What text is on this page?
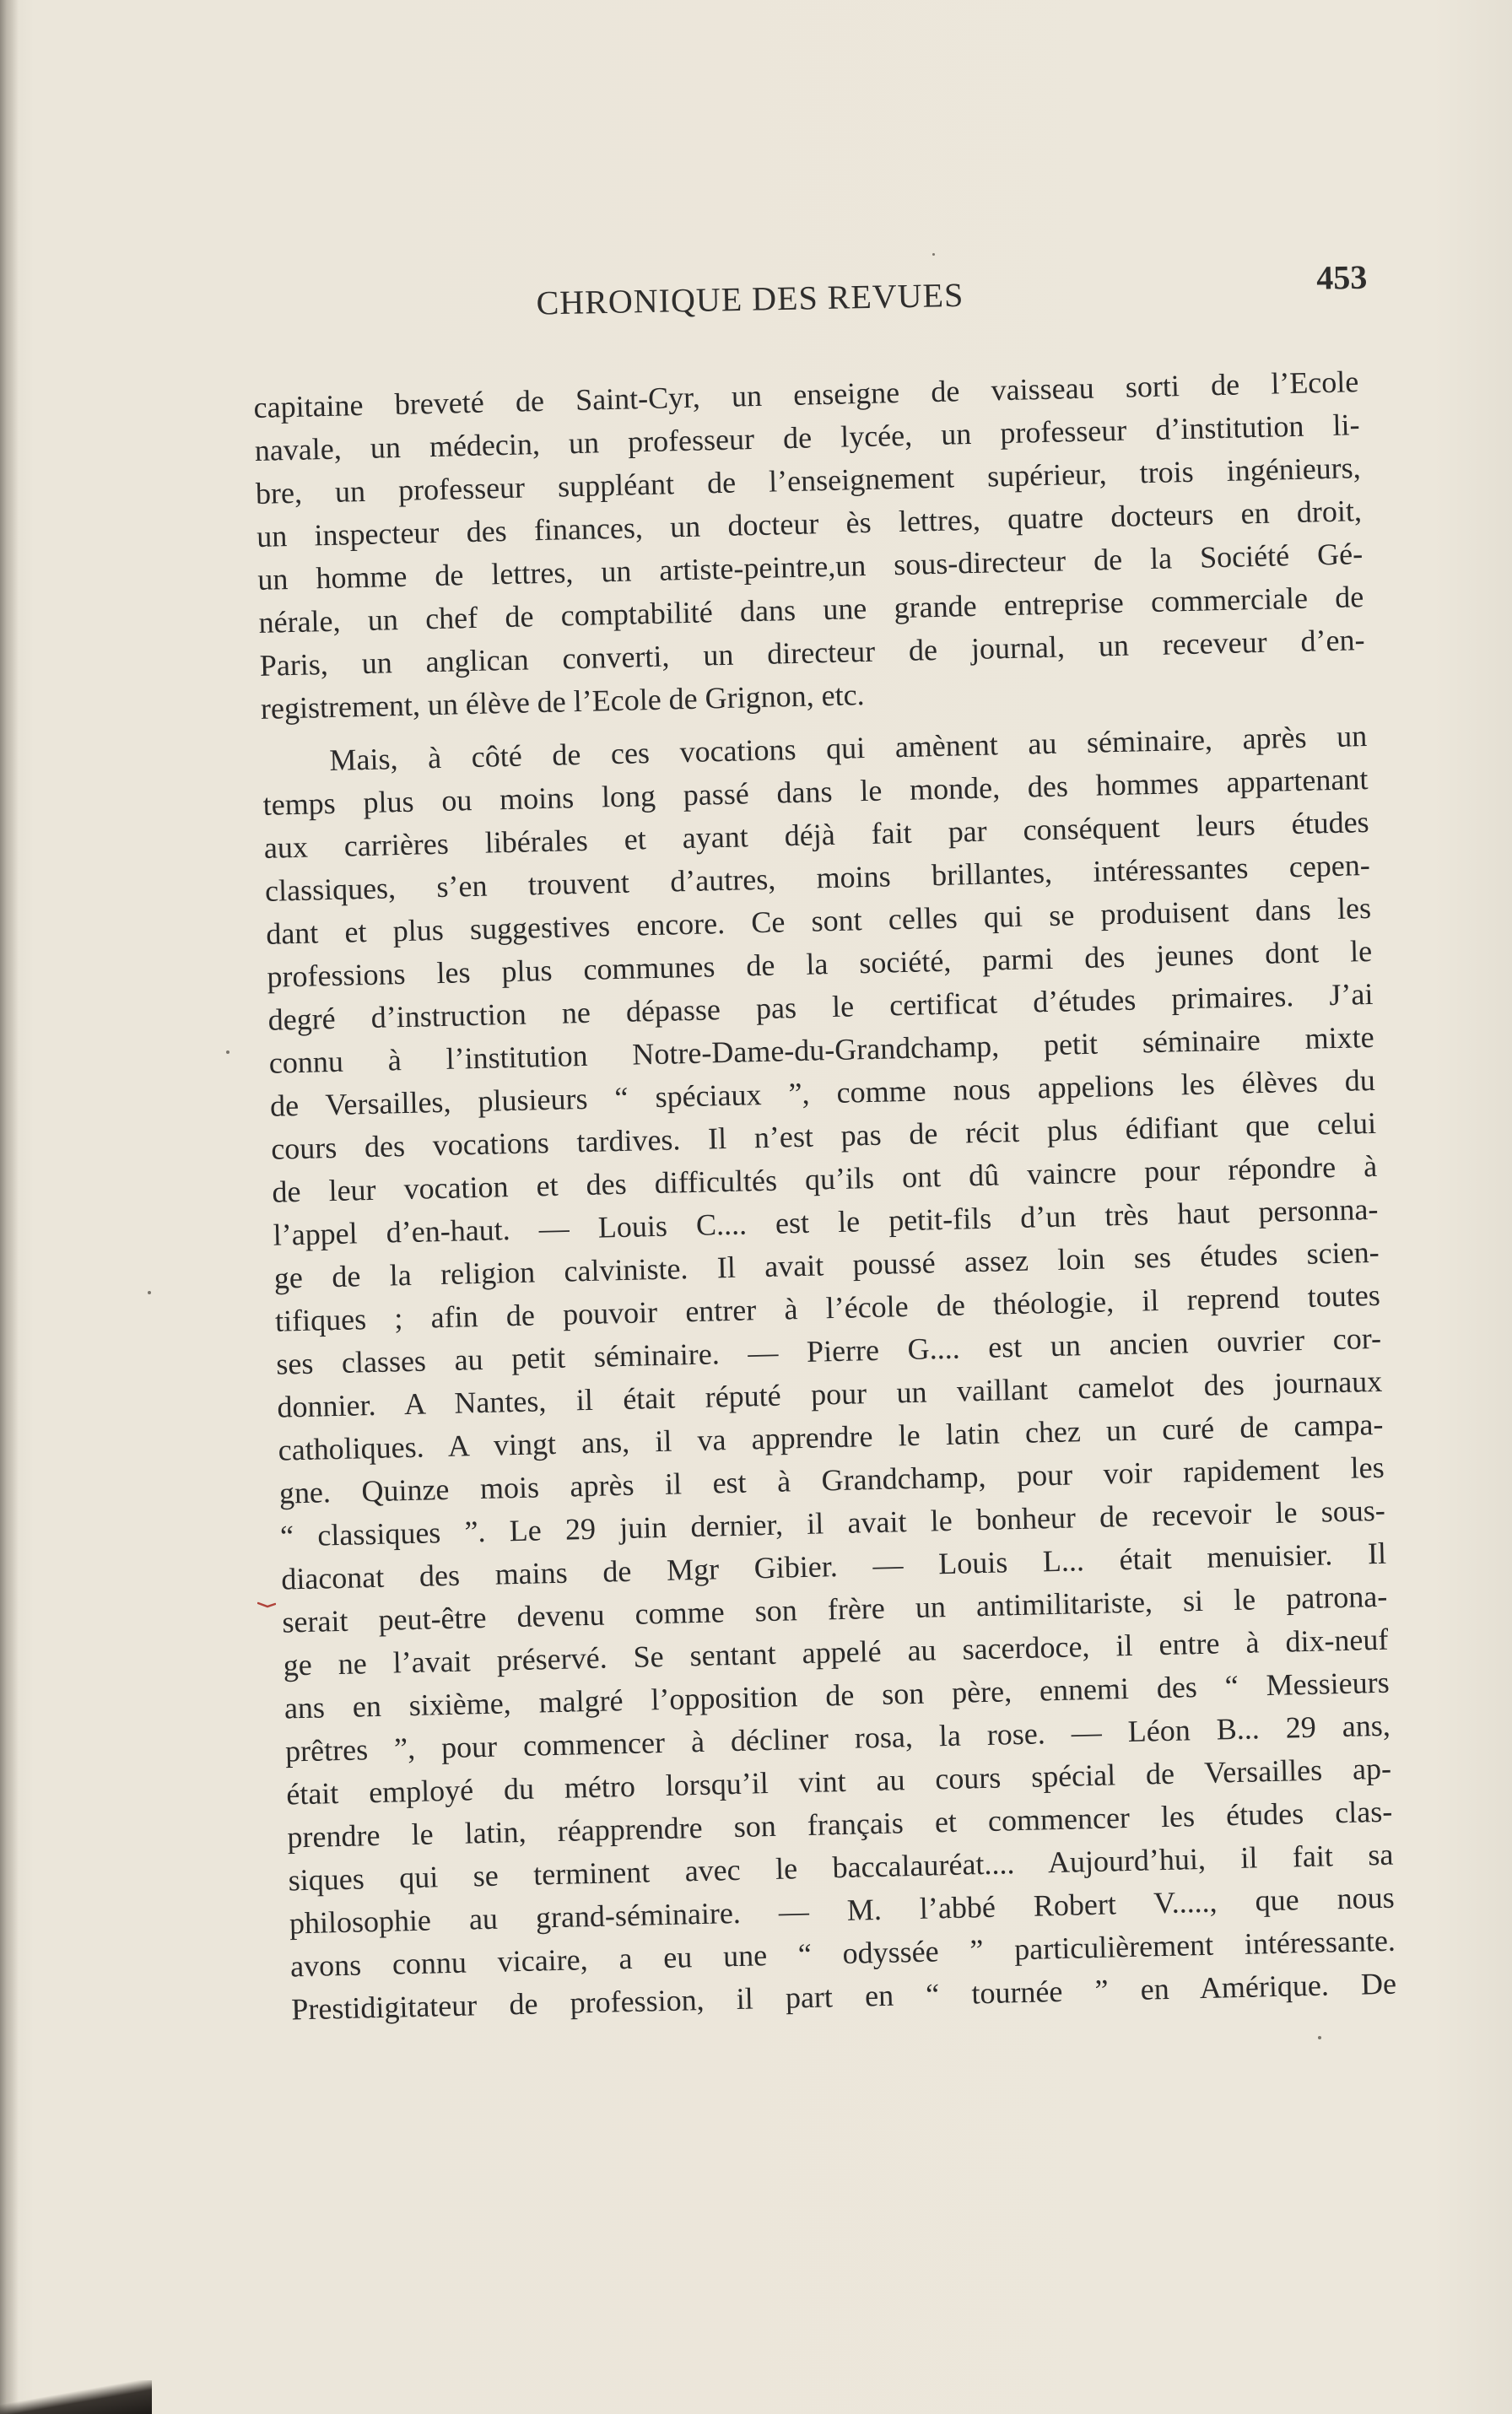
CHRONIQUE DES REVUES	453
capitaine breveté de Saint-Cyr, un enseigne de vaisseau sorti de l’Ecole
navale, un médecin, un professeur de lycée, un professeur d’institution li-
bre, un professeur suppléant de l’enseignement supérieur, trois ingénieurs,
un inspecteur des finances, un docteur ès lettres, quatre docteurs en droit,
un homme de lettres, un artiste-peintre,un sous-directeur de la Société Gé-
nérale, un chef de comptabilité dans une grande entreprise commerciale de
Paris, un anglican converti, un directeur de journal, un receveur d’en-
registrement, un élève de l’Ecole de Grignon, etc.
Mais, à côté de ces vocations qui amènent au séminaire, après un
temps plus ou moins long passé dans le monde, des hommes appartenant
aux carrières libérales et ayant déjà fait par conséquent leurs études
classiques, s’en trouvent d’autres, moins brillantes, intéressantes cepen-
dant et plus suggestives encore. Ce sont celles qui se produisent dans les
professions les plus communes de la société, parmi des jeunes dont le
degré d’instruction ne dépasse pas le certificat d’études primaires. J’ai
connu à l’institution Notre-Dame-du-Grandchamp, petit séminaire mixte
de Versailles, plusieurs “ spéciaux ”, comme nous appelions les élèves du
cours des vocations tardives. Il n’est pas de récit plus édifiant que celui
de leur vocation et des difficultés qu’ils ont dû vaincre pour répondre à
l’appel d’en-haut. — Louis C.... est le petit-fils d’un très haut personna-
ge de la religion calviniste. Il avait poussé assez loin ses études scien-
tifiques ; afin de pouvoir entrer à l’école de théologie, il reprend toutes
ses classes au petit séminaire. — Pierre G.... est un ancien ouvrier cor-
donnier. A Nantes, il était réputé pour un vaillant camelot des journaux
catholiques. A vingt ans, il va apprendre le latin chez un curé de campa-
gne. Quinze mois après il est à Grandchamp, pour voir rapidement les
“ classiques ”. Le 29 juin dernier, il avait le bonheur de recevoir le sous-
diaconat des mains de Mgr Gibier. — Louis L... était menuisier. Il
serait peut-être devenu comme son frère un antimilitariste, si le patrona-
ge ne l’avait préservé. Se sentant appelé au sacerdoce, il entre à dix-neuf
ans en sixième, malgré l’opposition de son père, ennemi des “ Messieurs
prêtres ”, pour commencer à décliner rosa, la rose. — Léon B... 29 ans,
était employé du métro lorsqu’il vint au cours spécial de Versailles ap-
prendre le latin, réapprendre son français et commencer les études clas-
siques qui se terminent avec le baccalauréat.... Aujourd’hui, il fait sa
philosophie au grand-séminaire. — M. l’abbé Robert V....., que nous
avons connu vicaire, a eu une “ odyssée ” particulièrement intéressante.
Prestidigitateur de profession, il part en “ tournée ” en Amérique. De
